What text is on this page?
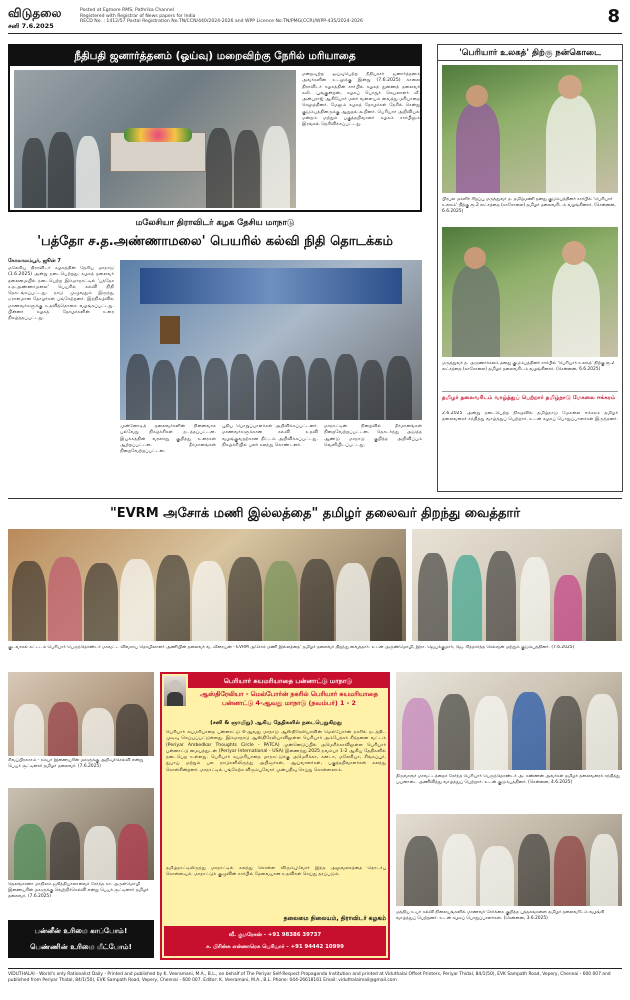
விடுதலை
சனி 7.6.2025
Posted at Egmore RMS, Pathrika Channel
Registered with Registrar of News papers for India
RECD No. : 1412/57 Postal Registration No.TN/CCN/440/2024-2026 and WPP Licence No.TN/PMG(CCR)/WPP-435/2024-2026	8
நீதிபதி ஜனார்த்தனம் (ஓய்வு) மறைவிற்கு நேரில் மரியாதை
மறைவுற்ற ஓய்வுபெற்ற நீதியரசர் ஜனார்த்தனம் அவர்களின் உடலுக்கு இன்று (7.6.2025) காலை திராவிடர் கழகத்தின் சார்பில் கழகத் துணைத் தலைவர் கலி. பூங்குன்றன், கழகப் பொதுச் செயலாளர் வீ. அன்புராஜ் ஆகியோர் மலர் வளையம் வைத்து மரியாதை செலுத்தினர். மேலும் கழகத் தோழர்கள் நேரில் சென்று குடும்பத்தினருக்கு ஆறுதல் கூறினர். பெரியார் அறிவியல் மன்றம் மற்றும் பகுத்தறிவாளர் கழகம் சார்பிலும் இரங்கல் தெரிவிக்கப்பட்டது.
'பெரியார் உலகத்' திற்கு நன்கொடை
பிரபல மகளிர் சிறப்பு மருத்துவர் த. தமிழ்மணி தனது குடும்பத்தினர் சார்பில் 'பெரியார் உலகம்' திற்கு ரூ.2 லட்சத்தை (காசோலை) தமிழர் தலைவரிடம் வழங்கினார். (சென்னை, 6.6.2025)
மருத்துவர் த. அருணாச்சலம் தனது குடும்பத்தினர் சார்பில் 'பெரியார் உலகத்' திற்கு ரூ.2 லட்சத்தை (காசோலை) தமிழர் தலைவரிடம் வழங்கினார். (சென்னை, 6.6.2025)
தமிழர் தலைவரிடம் வாழ்த்துப் பெற்றார் தமிழ்நாடு மேகலை ஈக்கரம்
2.6.2025 அன்று நடைபெற்ற நிகழ்வில் தமிழ்நாடு மேகலை ஈக்கரம் தமிழர் தலைவரைச் சந்தித்து வாழ்த்துப் பெற்றார். உடன் கழகப் பொறுப்பாளர்கள் இருந்தனர்.
மலேசியா திராவிடர் கழக தேசிய மாநாடு
'பத்தோ ச.த.அண்ணாமலை' பெயரில் கல்வி நிதி தொடக்கம்
கோலாலம்பூர், ஜூன் 7
மலேசிய திராவிடர் கழகத்தின் தேசிய மாநாடு (1.6.2025) அன்று நடைபெற்றது. கழகத் தலைவர் தலைமையில் நடைபெற்ற இம்மாநாட்டில் 'பத்தோ ச.த.அண்ணாமலை' பெயரில் கல்வி நிதி தொடங்கப்பட்டது. நாடு முழுவதும் இருந்து ஏராளமான தோழர்கள் பங்கேற்றனர். இந்நிகழ்வில் மாணவர்களுக்கு உதவித்தொகை வழங்கப்பட்டது. பின்னர் கழகத் தோழர்களின் உரை நிகழ்த்தப்பட்டது.
முன்னோடித் தலைவர்களின் நினைவாக பல்வேறு நிகழ்ச்சிகள் நடத்தப்பட்டன. இயக்கத்தின் வரலாறு குறித்து உரைகள் ஆற்றப்பட்டன. தீர்மானங்கள் நிறைவேற்றப்பட்டன.
புதிய பொறுப்பாளர்கள் அறிவிக்கப்பட்டனர். மாணவர்களுக்கான கல்வி உதவி வழங்குவதற்கான திட்டம் அறிவிக்கப்பட்டது. நிகழ்ச்சியில் பலர் கலந்து கொண்டனர்.
மாநாட்டின் நிறைவில் தீர்மானங்கள் நிறைவேற்றப்பட்டன. தொடர்ந்து அடுத்த ஆண்டு மாநாடு குறித்த அறிவிப்பும் வெளியிடப்பட்டது.
"EVRM அசோக் மணி இல்லத்தை" தமிழர் தலைவர் திறந்து வைத்தார்
குடவாசல் கட்டடம் பெரியார் பெருந்தொண்டர் மாவட்ட விவசாய தொழிலாளர் அணியின் தலைவர் வ. வீரையன் - EVRM அசோக் மணி இல்லத்தை' தமிழர் தலைவர் திறந்து வைத்தார். உடன் அருண்மொழி, இரா. ஜெயக்குமார், ஜெ. சித்தார்த்த செல்வன் மற்றும் குடும்பத்தினர். (7.6.2025)
சிவப்பிரகாசம் - ரம்யா இணையரின் மகளுக்கு அறிவுச்செல்வி என்று பெயர் சூட்டினார் தமிழர் தலைவர். (7.6.2025)
தெலங்கானா மாநிலம் ஜகித்தியாலாவைச் சேர்ந்த கா. அருள்மொழி இணையரின் மகளுக்கு வெற்றிச்செல்வி என்று பெயர் சூட்டினார் தமிழர் தலைவர். (7.6.2025)
பன்னீன் உரிமை காப்போம்!
பெண்ணின் உரிமை மீட்போம்!
பெரியார் சுயமரியாதை பன்னாட்டு மாநாடு
ஆஸ்திரேலியா - மெல்போர்ன் நகரில் பெரியார் சுயமரியாதை பன்னாட்டு 4-ஆவது மாநாடு (நவம்பர்) 1 - 2
(சனி & ஞாயிறு) ஆகிய தேதிகளில் நடைபெறுகிறது
பெரியார் சுயமரியாதை பன்னாட்டு 4-ஆவது மாநாடு ஆஸ்திரேலியாவின் மெல்போர்ன் நகரில் நடத்திட முடிவு செய்யப்பட்டுள்ளது. இம்மாநாடு ஆஸ்திரேலியாவிலுள்ள பெரியார் அம்பேத்கர் சிந்தனை வட்டம் (Periyar Ambedkar Thoughts Circle - PATCA) முன்னெடுப்பில் அமெரிக்காவிலுள்ள பெரியார் பன்னாட்டு மையத்துடன் (Periyar International - USA) இணைந்து 2025 நவம்பர் 1-2 ஆகிய தேதிகளில் நடைபெற உள்ளது. பெரியார் சுயமரியாதை மாநாட்டுக்கு அமெரிக்கா, கனடா, மலேசியா, சிங்கப்பூர், துபாய் மற்றும் பல நாடுகளிலிருந்து அறிஞர்கள், ஆய்வாளர்கள், பகுத்தறிவாளர்கள் கலந்து கொள்கின்றனர். மாநாட்டில் பங்கேற்க விரும்புவோர் முன்பதிவு செய்து கொள்ளலாம்.
தமிழ்நாட்டிலிருந்து மாநாட்டில் கலந்து கொள்ள விரும்புவோர் இந்த அலுவலகத்தை தொடர்பு கொள்ளவும். மாநாட்டுக் குழுவின் சார்பில் தேவையான உதவிகள் செய்து தரப்படும்.
தலைமை நிலையம், திராவிடர் கழகம்
வீ. குமரேசன் - +91 98386 39737
ச. பிரின்சு என்னாரெசு பெரியார் - +91 94442 10999
திருவாரூர் மாவட்டத்தைச் சேர்ந்த பெரியார் பெருந்தொண்டர் அ. கண்ணன் அவர்கள் தமிழர் தலைவரைச் சந்தித்து பயனாடை அணிவித்து வாழ்த்துப் பெற்றார். உடன் குடும்பத்தினர். (சென்னை, 4.6.2025)
மத்திய உயர் கல்வி நிலையங்களில் மாணவர் சேர்க்கை குறித்த புத்தகங்களை தமிழர் தலைவரிடம் வழங்கி வாழ்த்துப் பெற்றனர். உடன் கழகப் பொறுப்பாளர்கள். (சென்னை, 3.6.2025)
VIDUTHALAI - World's only Rationalist Daily - Printed and published by K. Veeramani, M.A., B.L., on behalf of The Periyar Self-Respect Propaganda Institution and printed at Viduthalai Offset Printers, Periyar Thidal, 84/1(50), EVK Sampath Road, Vepery, Chennai - 600 007 and published from Periyar Thidal, 84/1(50), EVK Sampath Road, Vepery, Chennai - 600 007. Editor: K. Veeramani, M.A., B.L. Phone: 044-26618161 Email: viduthalaimail@gmail.com
